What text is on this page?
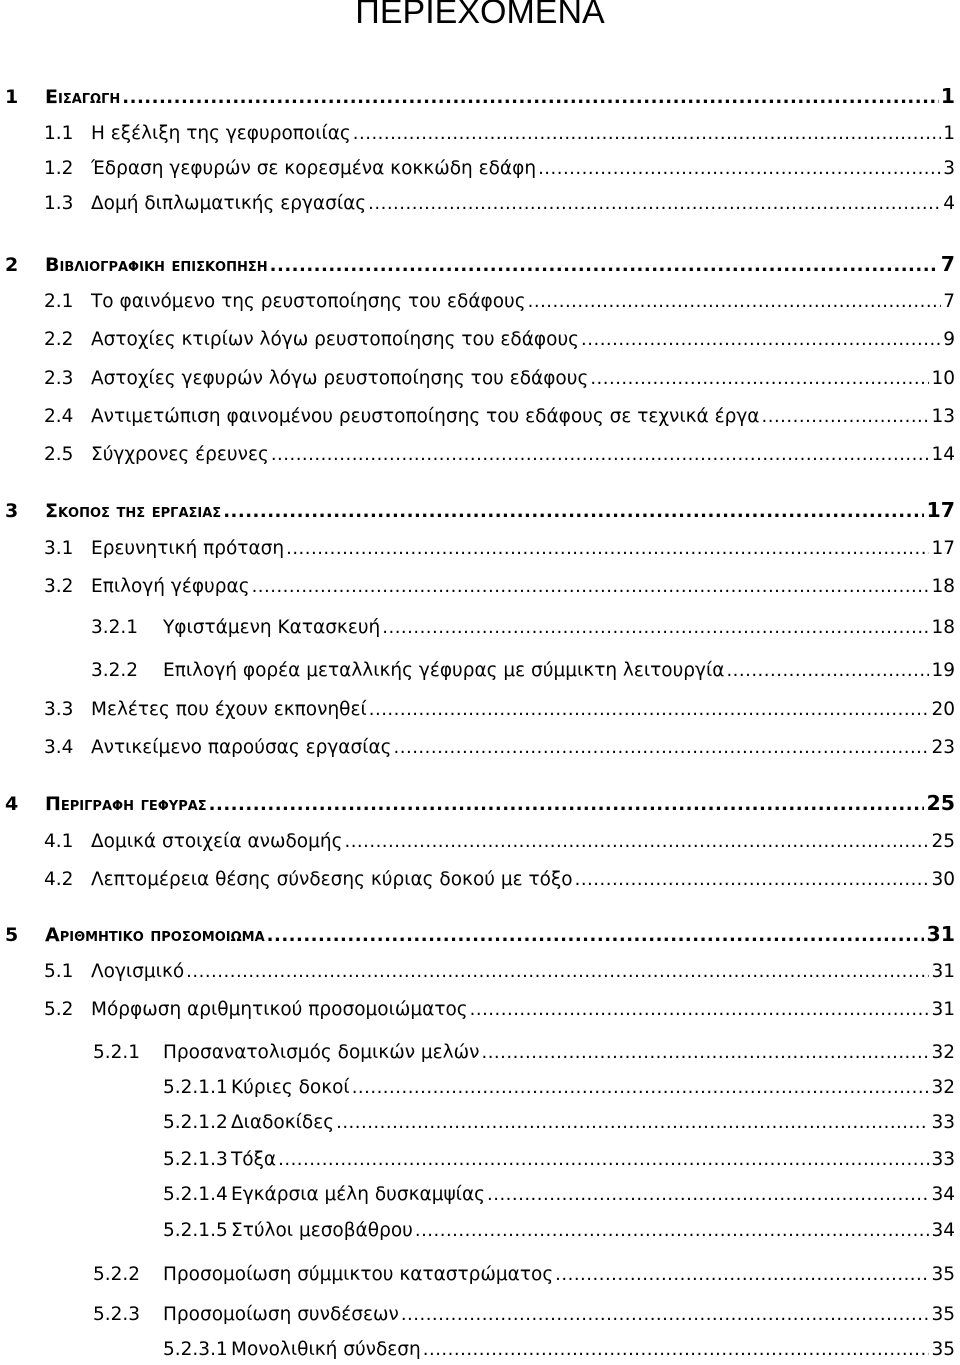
ΠΕΡΙΕΧΟΜΕΝΑ
1	Εισαγωγη .....	1
1.1 Η εξέλιξη της γεφυροποιίας .....	1
1.2 Έδραση γεφυρών σε κορεσμένα κοκκώδη εδάφη .....	3
1.3 Δομή διπλωματικής εργασίας .....	4
2	Βιβλιογραφικη επισκοπηση .....	7
2.1 Το φαινόμενο της ρευστοποίησης του εδάφους .....	7
2.2 Αστοχίες κτιρίων λόγω ρευστοποίησης του εδάφους .....	9
2.3 Αστοχίες γεφυρών λόγω ρευστοποίησης του εδάφους .....	10
2.4 Αντιμετώπιση φαινομένου ρευστοποίησης του εδάφους σε τεχνικά έργα .....	13
2.5 Σύγχρονες έρευνες .....	14
3	Σκοπος της εργασιας .....	17
3.1 Ερευνητική πρόταση .....	17
3.2 Επιλογή γέφυρας .....	18
3.2.1	Υφιστάμενη Κατασκευή .....	18
3.2.2	Επιλογή φορέα μεταλλικής γέφυρας με σύμμικτη λειτουργία .....	19
3.3 Μελέτες που έχουν εκπονηθεί .....	20
3.4 Αντικείμενο παρούσας εργασίας .....	23
4	Περιγραφη γεφυρας .....	25
4.1 Δομικά στοιχεία ανωδομής .....	25
4.2 Λεπτομέρεια θέσης σύνδεσης κύριας δοκού με τόξο .....	30
5	Αριθμητικο προσομοιωμα .....	31
5.1 Λογισμικό .....	31
5.2 Μόρφωση αριθμητικού προσομοιώματος .....	31
5.2.1	Προσανατολισμός δομικών μελών .....	32
5.2.1.1 Κύριες δοκοί .....	32
5.2.1.2 Διαδοκίδες .....	33
5.2.1.3 Τόξα .....	33
5.2.1.4 Εγκάρσια μέλη δυσκαμψίας .....	34
5.2.1.5 Στύλοι μεσοβάθρου .....	34
5.2.2	Προσομοίωση σύμμικτου καταστρώματος .....	35
5.2.3	Προσομοίωση συνδέσεων .....	35
5.2.3.1 Μονολιθική σύνδεση .....	35
